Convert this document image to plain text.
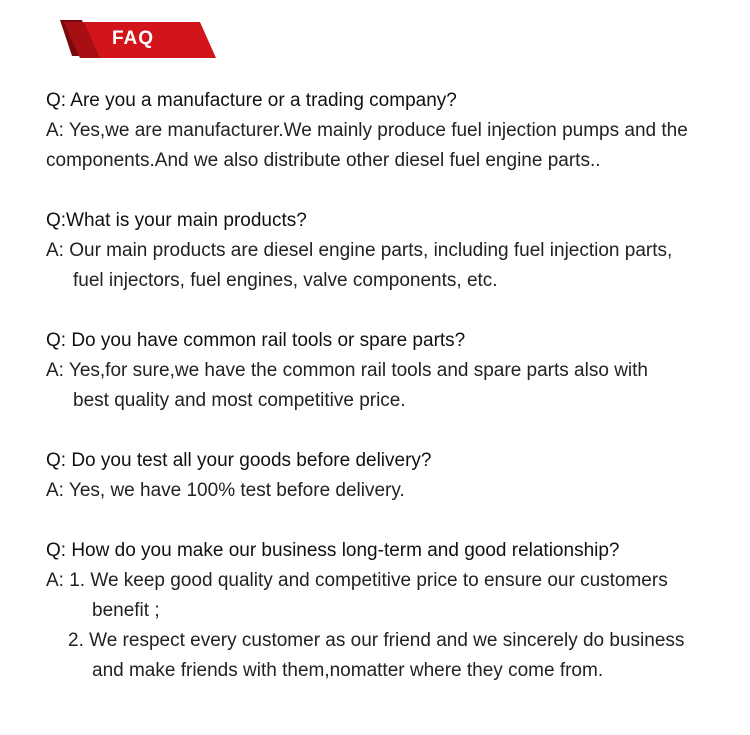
FAQ
Q: Are you a manufacture or a trading company?
A: Yes,we are manufacturer.We mainly produce fuel injection pumps and the
components.And we also distribute other diesel fuel engine parts..
Q:What is your main products?
A: Our main products are diesel engine parts, including fuel injection parts,
fuel injectors, fuel engines, valve components, etc.
Q: Do you have common rail tools or spare parts?
A: Yes,for sure,we have the common rail tools and spare parts also with
best quality and most competitive price.
Q: Do you test all your goods before delivery?
A: Yes, we have 100% test before delivery.
Q: How do you make our business long-term and good relationship?
A: 1. We keep good quality and competitive price to ensure our customers
benefit ;
2. We respect every customer as our friend and we sincerely do business
and make friends with them,nomatter where they come from.
